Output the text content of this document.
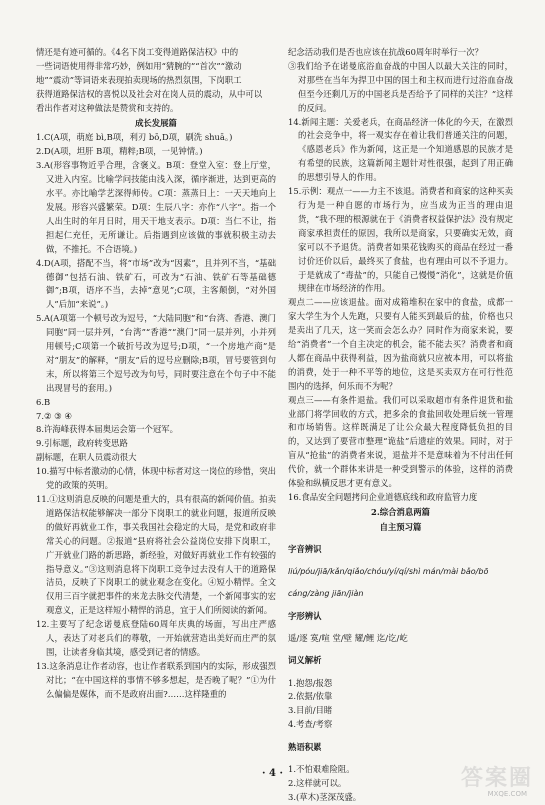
情还是有迹可循的。《4名下岗工变得道路保洁权》中的

一些词语使用得非常巧妙，例如用“猜腕的”“首次”“激动

地”“震动”等词语来表现拍卖现场的热烈氛围，下岗职工

获得道路保洁权的喜悦以及社会对在岗人员的震动，从中可以

看出作者对这种做法是赞赏和支持的。

成长发展篇

1.C(A项，萌庭 bì,B项，利刃 bō,D项，刷洗 shuā。)

2.D(A项，坦肝 B项，精粹;B项，一见钟情。)

3.A(形容事物近乎合理，含褒义。B项：登堂入室：登上厅堂，又进入内室。比喻学问技能由浅入深，循序渐进，达到更高的水平。亦比喻学艺深得师传。C项：蒸蒸日上：一天天地向上发展。形容兴盛繁荣。D项：生辰八字：亦作“八字”。指一个人出生时的年月日时，用天干地支表示。D项：当仁不让，指担起仁充任，无所谦让。后指遇到应该做的事就积极主动去做，不推托。不合语境。)

4.D(A项，搭配不当，将“市场”改为“因素”，且并列不当，“基础德御”包括石油、铁矿石，可改为“石油、铁矿石等基础德御”;B项，语序不当，去掉“意见”;C项，主客颠倒，“对外国人”后加“来说”。)

5.A(A项第一个顿号改为逗号，“大陆同胞”和“台湾、香港、澳门同胞”同一层并列，“台湾”“香港”“澳门”同一层并列，小并列用顿号;C项第一个破折号改为逗号;D项，“一个房地产商”是对“朋友”的解释，“朋友”后的逗号应删除;B项，冒号要管到句末，所以将第三个逗号改为句号，同时要注意在个句子中不能出现冒号的套用。)

6.B

7.② ③ ④

8.许海峰获得本届奥运会第一个冠军。

9.引标题，政府转变思路

副标题，在职人员震动很大

10.描写中标者激动的心情，体现中标者对这一岗位的珍惜，突出党的政策的英明。

11.①这则消息反映的问题是重大的，具有很高的新闻价值。拍卖道路保洁权能够解决一部分下岗职工的就业问题，报道所反映的做好再就业工作，事关我国社会稳定的大局，是党和政府非常关心的问题。②报道“县府将社会公益岗位安排下岗职工，广开就业门路的新思路，新经验，对做好再就业工作有较强的指导意义。”③这则消息将下岗职工竞争过去没有人干的道路保洁员，反映了下岗职工的就业观念在变化。④短小精悍。全文仅用三百字就把事件的来龙去脉交代清楚，一个新闻事实的宏观意义，正是这样短小精悍的消息，宜于人们所阅读的新闻。

12.主要写了纪念诺曼底登陆60周年庆典的场面，写出庄严感人，表达了对老兵们的尊敬，一开始就营造出美好而庄严的氛围，让读者身临其境，感受到记者的情感。

13.这条消息让作者动容，也让作者联系到国内的实际，形成强烈对比；“在中国这样的事情不够多想起，是否晚了呢？”①为什么偏偏是媒体，而不是政府出面?……这样隆重的

纪念活动我们是否也应该在抗战60周年时举行一次？

③我们给予在诺曼底浴血奋战的中国人以最大关注的同时，对那些在当年为捍卫中国的国土和主权而进行过浴血奋战但至今还剩几万的中国老兵是否给予了同样的关注？”这样的反问。

14.新闻主题：关爱老兵，在商品经济一体化的今天，在激烈的社会竞争中，将一观实存在着让我们普通关注的问题，《感恩老兵》作为新闻，这正是一个知道感恩的民族才是有希望的民族，这篇新闻主题针对性很强，起到了用正确的思想引导人的作用。

15.示例：观点一——力主不该退。消费者和商家的这种买卖行为是一种自愿的市场行为，应当成为正当的理由退货，“我不理的根源就在于《消费者权益保护法》没有规定商家承担责任的原因，我所以是商家，只要确实无效，商家可以不予退货。消费者如果花钱购买的商品在经过一番讨价还价以后，最终买了食盐，也有理由可以不予退力。于是就成了“毒盐”的，只能自己慢慢“消化”，这就是价值规律在市场经济的作用。

观点二——应该退盐。面对成箱堆积在家中的食盐，成都一家大学生为个人先跑，只要有人能买到最后的盐，价格也只是卖出了几天，这一笑而会怎么办？同时作为商家来说，要给“消费者”一个自主决定的机会，能不能去买？消费者和商人都在商品中获得利益，因为盐商就只应被本用，可以将盐的消费，处于一种不平等的地位，这是买卖双方在可行性范围内的选择，何乐而不为呢？

观点三——有条件退盐。我们可以采取超市有条件退货和盐业部门将学回收的方式，把多余的食盐回收处理后统一管理和市场销售。这样既满足了让公众最大程度降低负担的目的，又达到了要营市整理“诡盐”后遗症的效果。同时，对于盲从“抢盐”的消费者来说，退盐并不是意味着为不付出任何代价，就一个群体来讲是一种受到警示的体验，这样的消费体验和纵横反思才更有意义。

16.食品安全问题拷问企业道德底线和政府监管力度

2.综合消息两篇

自主预习篇

字音辨识

liú/póu/jiā/kǎn/qiǎo/chóu/yí/qí/shì mán/mài bǎo/bō

cáng/zàng jiān/jiàn

字形辨认

遥/逐 寞/喧 堂/壁 耀/鲤 迄/讫/屹

词义解析

1.抱怨/报怨

2.依据/依靠

3.目前/目睹

4.考查/考察

熟语积累

1.不怕艰难险阻。

2.这样就可以。

3.(草木)茎深茂盛。

· 4 ·	答案圈
MXQE.COM
